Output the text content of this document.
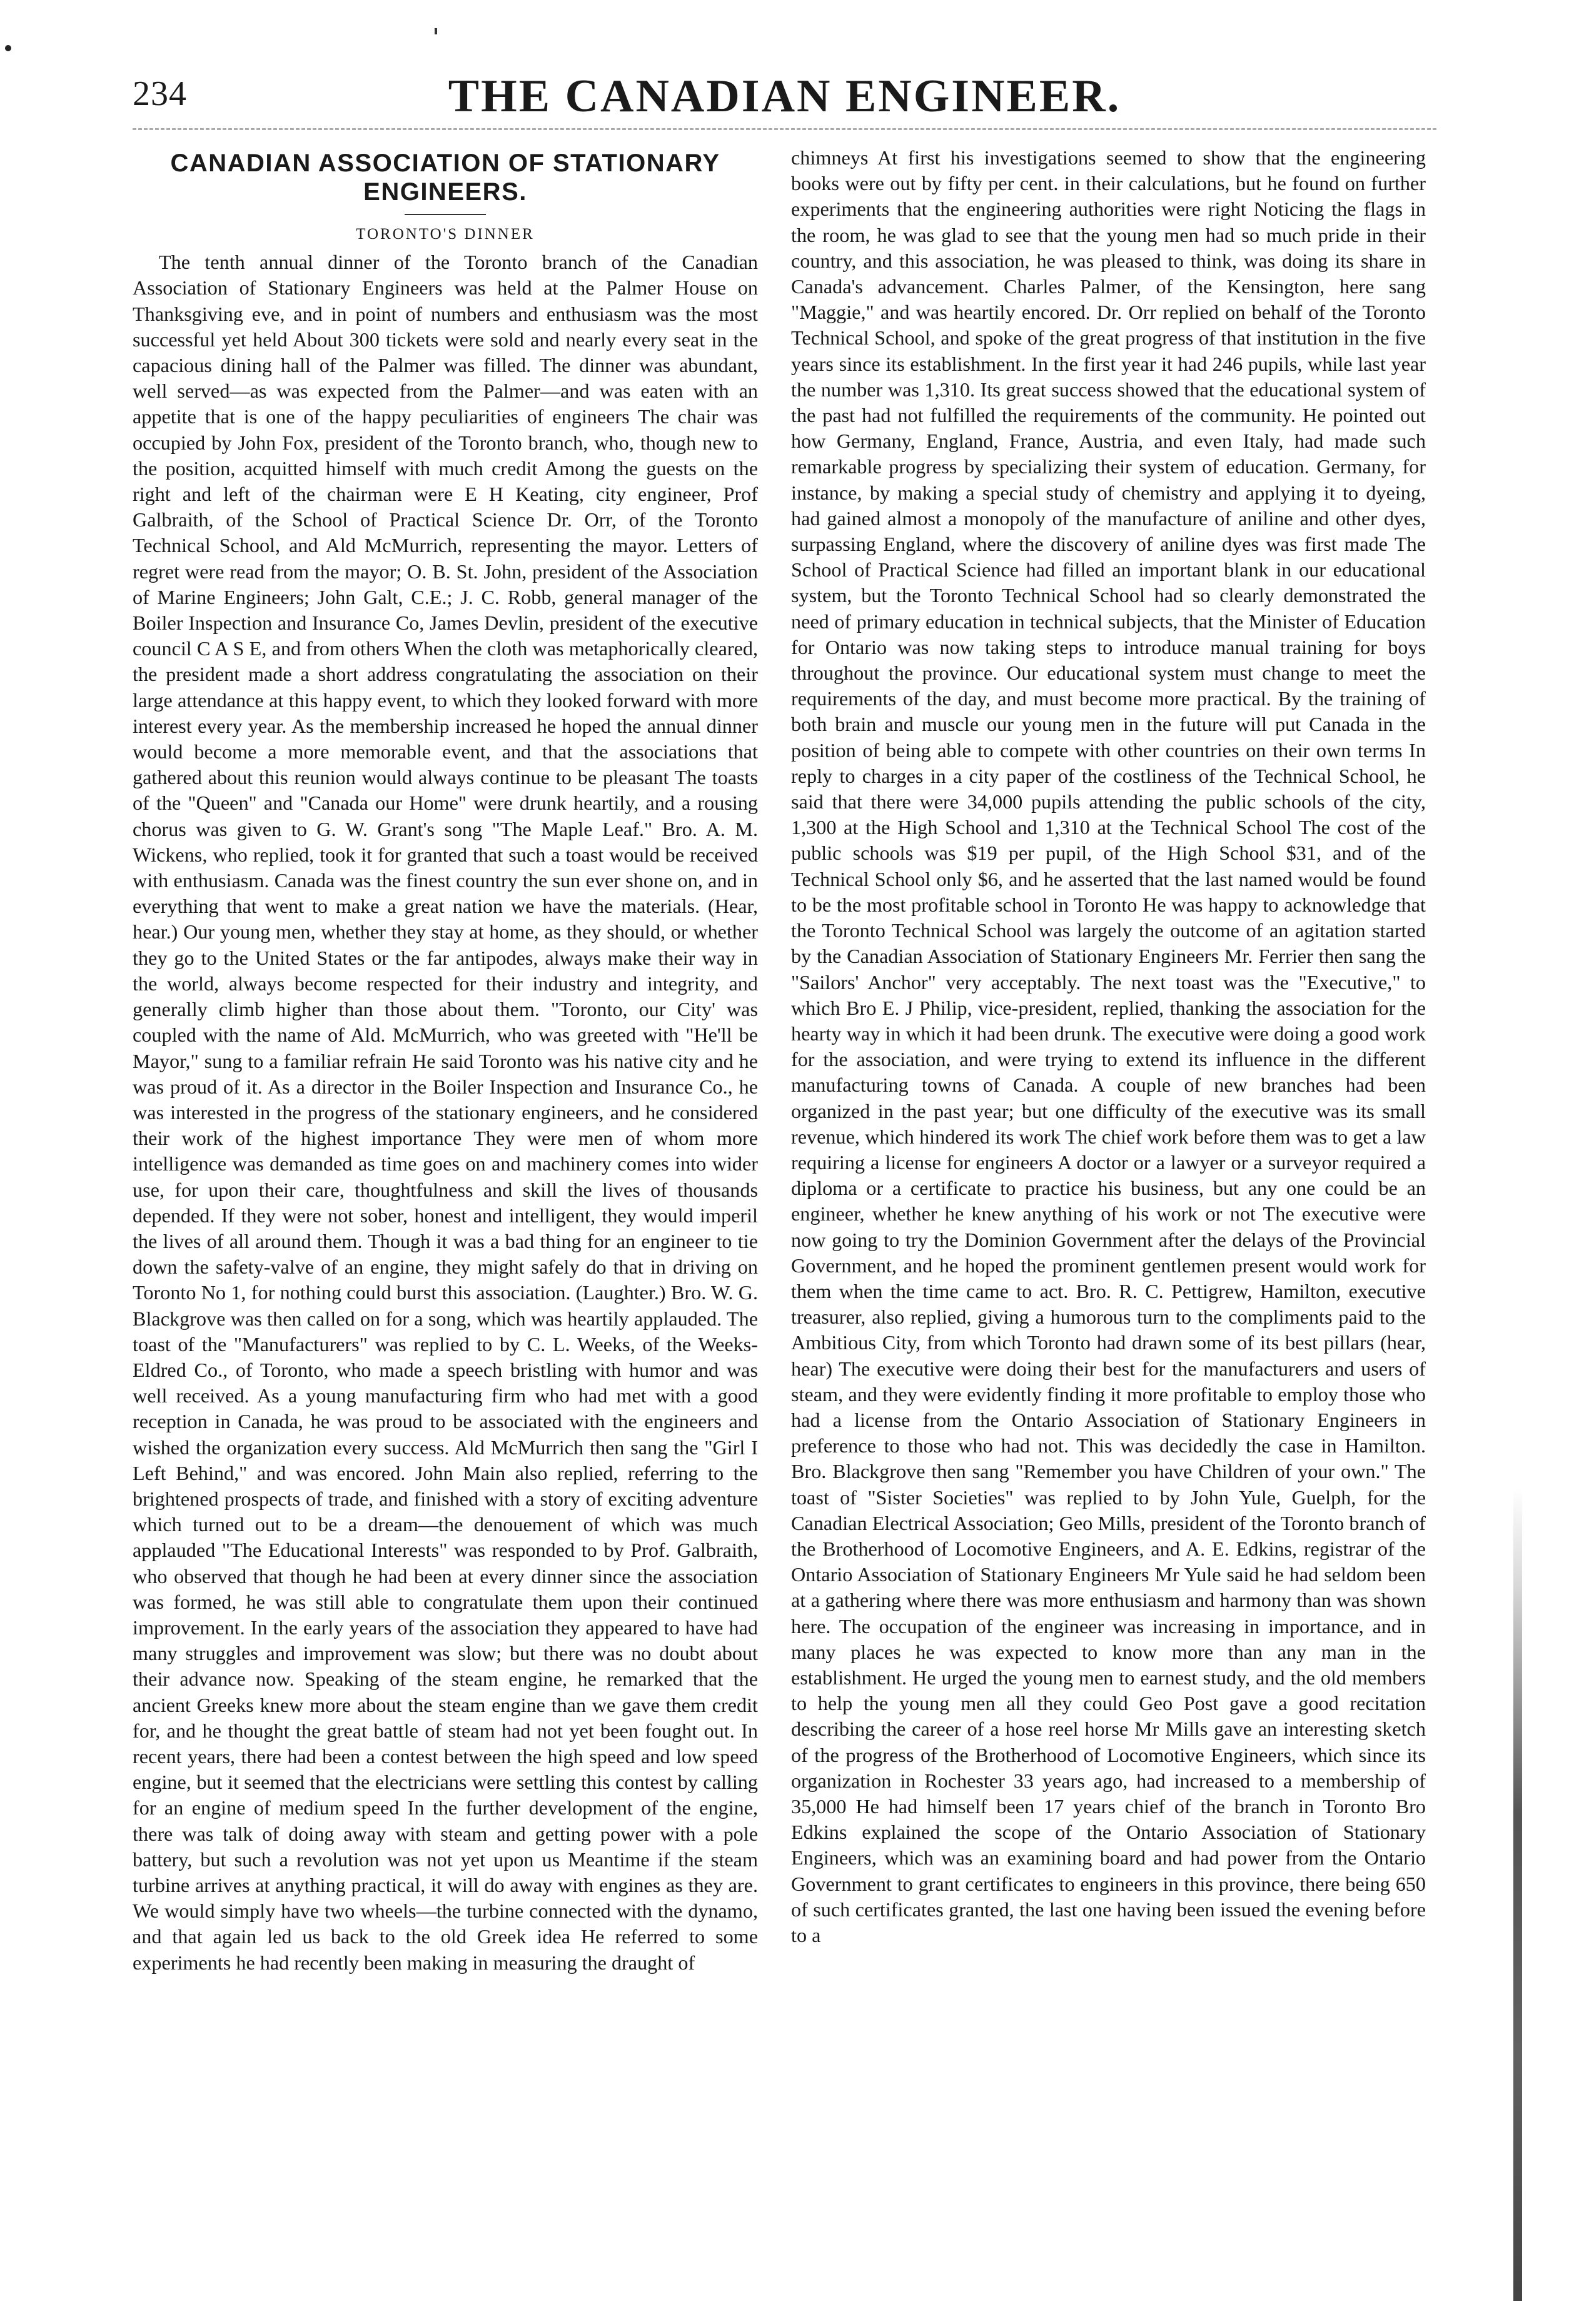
234	THE CANADIAN ENGINEER.
CANADIAN ASSOCIATION OF STATIONARY ENGINEERS.
TORONTO'S DINNER

The tenth annual dinner of the Toronto branch of the Canadian Association of Stationary Engineers was held at the Palmer House on Thanksgiving eve, and in point of numbers and enthusiasm was the most successful yet held About 300 tickets were sold and nearly every seat in the capacious dining hall of the Palmer was filled. The dinner was abundant, well served—as was expected from the Palmer—and was eaten with an appetite that is one of the happy peculiarities of engineers The chair was occupied by John Fox, president of the Toronto branch, who, though new to the position, acquitted himself with much credit Among the guests on the right and left of the chairman were E H Keating, city engineer, Prof Galbraith, of the School of Practical Science Dr. Orr, of the Toronto Technical School, and Ald McMurrich, representing the mayor. Letters of regret were read from the mayor; O. B. St. John, president of the Association of Marine Engineers; John Galt, C.E.; J. C. Robb, general manager of the Boiler Inspection and Insurance Co, James Devlin, president of the executive council C A S E, and from others When the cloth was metaphorically cleared, the president made a short address congratulating the association on their large attendance at this happy event, to which they looked forward with more interest every year. As the membership increased he hoped the annual dinner would become a more memorable event, and that the associations that gathered about this reunion would always continue to be pleasant The toasts of the "Queen" and "Canada our Home" were drunk heartily, and a rousing chorus was given to G. W. Grant's song "The Maple Leaf." Bro. A. M. Wickens, who replied, took it for granted that such a toast would be received with enthusiasm. Canada was the finest country the sun ever shone on, and in everything that went to make a great nation we have the materials. (Hear, hear.) Our young men, whether they stay at home, as they should, or whether they go to the United States or the far antipodes, always make their way in the world, always become respected for their industry and integrity, and generally climb higher than those about them. "Toronto, our City' was coupled with the name of Ald. McMurrich, who was greeted with "He'll be Mayor," sung to a familiar refrain He said Toronto was his native city and he was proud of it. As a director in the Boiler Inspection and Insurance Co., he was interested in the progress of the stationary engineers, and he considered their work of the highest importance They were men of whom more intelligence was demanded as time goes on and machinery comes into wider use, for upon their care, thoughtfulness and skill the lives of thousands depended. If they were not sober, honest and intelligent, they would imperil the lives of all around them. Though it was a bad thing for an engineer to tie down the safety-valve of an engine, they might safely do that in driving on Toronto No 1, for nothing could burst this association. (Laughter.) Bro. W. G. Blackgrove was then called on for a song, which was heartily applauded. The toast of the "Manufacturers" was replied to by C. L. Weeks, of the Weeks-Eldred Co., of Toronto, who made a speech bristling with humor and was well received. As a young manufacturing firm who had met with a good reception in Canada, he was proud to be associated with the engineers and wished the organization every success. Ald McMurrich then sang the "Girl I Left Behind," and was encored. John Main also replied, referring to the brightened prospects of trade, and finished with a story of exciting adventure which turned out to be a dream—the denouement of which was much applauded "The Educational Interests" was responded to by Prof. Galbraith, who observed that though he had been at every dinner since the association was formed, he was still able to congratulate them upon their continued improvement. In the early years of the association they appeared to have had many struggles and improvement was slow; but there was no doubt about their advance now. Speaking of the steam engine, he remarked that the ancient Greeks knew more about the steam engine than we gave them credit for, and he thought the great battle of steam had not yet been fought out. In recent years, there had been a contest between the high speed and low speed engine, but it seemed that the electricians were settling this contest by calling for an engine of medium speed In the further development of the engine, there was talk of doing away with steam and getting power with a pole battery, but such a revolution was not yet upon us Meantime if the steam turbine arrives at anything practical, it will do away with engines as they are. We would simply have two wheels—the turbine connected with the dynamo, and that again led us back to the old Greek idea He referred to some experiments he had recently been making in measuring the draught of

chimneys At first his investigations seemed to show that the engineering books were out by fifty per cent. in their calculations, but he found on further experiments that the engineering authorities were right Noticing the flags in the room, he was glad to see that the young men had so much pride in their country, and this association, he was pleased to think, was doing its share in Canada's advancement. Charles Palmer, of the Kensington, here sang "Maggie," and was heartily encored. Dr. Orr replied on behalf of the Toronto Technical School, and spoke of the great progress of that institution in the five years since its establishment. In the first year it had 246 pupils, while last year the number was 1,310. Its great success showed that the educational system of the past had not fulfilled the requirements of the community. He pointed out how Germany, England, France, Austria, and even Italy, had made such remarkable progress by specializing their system of education. Germany, for instance, by making a special study of chemistry and applying it to dyeing, had gained almost a monopoly of the manufacture of aniline and other dyes, surpassing England, where the discovery of aniline dyes was first made The School of Practical Science had filled an important blank in our educational system, but the Toronto Technical School had so clearly demonstrated the need of primary education in technical subjects, that the Minister of Education for Ontario was now taking steps to introduce manual training for boys throughout the province. Our educational system must change to meet the requirements of the day, and must become more practical. By the training of both brain and muscle our young men in the future will put Canada in the position of being able to compete with other countries on their own terms In reply to charges in a city paper of the costliness of the Technical School, he said that there were 34,000 pupils attending the public schools of the city, 1,300 at the High School and 1,310 at the Technical School The cost of the public schools was $19 per pupil, of the High School $31, and of the Technical School only $6, and he asserted that the last named would be found to be the most profitable school in Toronto He was happy to acknowledge that the Toronto Technical School was largely the outcome of an agitation started by the Canadian Association of Stationary Engineers Mr. Ferrier then sang the "Sailors' Anchor" very acceptably. The next toast was the "Executive," to which Bro E. J Philip, vice-president, replied, thanking the association for the hearty way in which it had been drunk. The executive were doing a good work for the association, and were trying to extend its influence in the different manufacturing towns of Canada. A couple of new branches had been organized in the past year; but one difficulty of the executive was its small revenue, which hindered its work The chief work before them was to get a law requiring a license for engineers A doctor or a lawyer or a surveyor required a diploma or a certificate to practice his business, but any one could be an engineer, whether he knew anything of his work or not The executive were now going to try the Dominion Government after the delays of the Provincial Government, and he hoped the prominent gentlemen present would work for them when the time came to act. Bro. R. C. Pettigrew, Hamilton, executive treasurer, also replied, giving a humorous turn to the compliments paid to the Ambitious City, from which Toronto had drawn some of its best pillars (hear, hear) The executive were doing their best for the manufacturers and users of steam, and they were evidently finding it more profitable to employ those who had a license from the Ontario Association of Stationary Engineers in preference to those who had not. This was decidedly the case in Hamilton. Bro. Blackgrove then sang "Remember you have Children of your own." The toast of "Sister Societies" was replied to by John Yule, Guelph, for the Canadian Electrical Association; Geo Mills, president of the Toronto branch of the Brotherhood of Locomotive Engineers, and A. E. Edkins, registrar of the Ontario Association of Stationary Engineers Mr Yule said he had seldom been at a gathering where there was more enthusiasm and harmony than was shown here. The occupation of the engineer was increasing in importance, and in many places he was expected to know more than any man in the establishment. He urged the young men to earnest study, and the old members to help the young men all they could Geo Post gave a good recitation describing the career of a hose reel horse Mr Mills gave an interesting sketch of the progress of the Brotherhood of Locomotive Engineers, which since its organization in Rochester 33 years ago, had increased to a membership of 35,000 He had himself been 17 years chief of the branch in Toronto Bro Edkins explained the scope of the Ontario Association of Stationary Engineers, which was an examining board and had power from the Ontario Government to grant certificates to engineers in this province, there being 650 of such certificates granted, the last one having been issued the evening before to a
